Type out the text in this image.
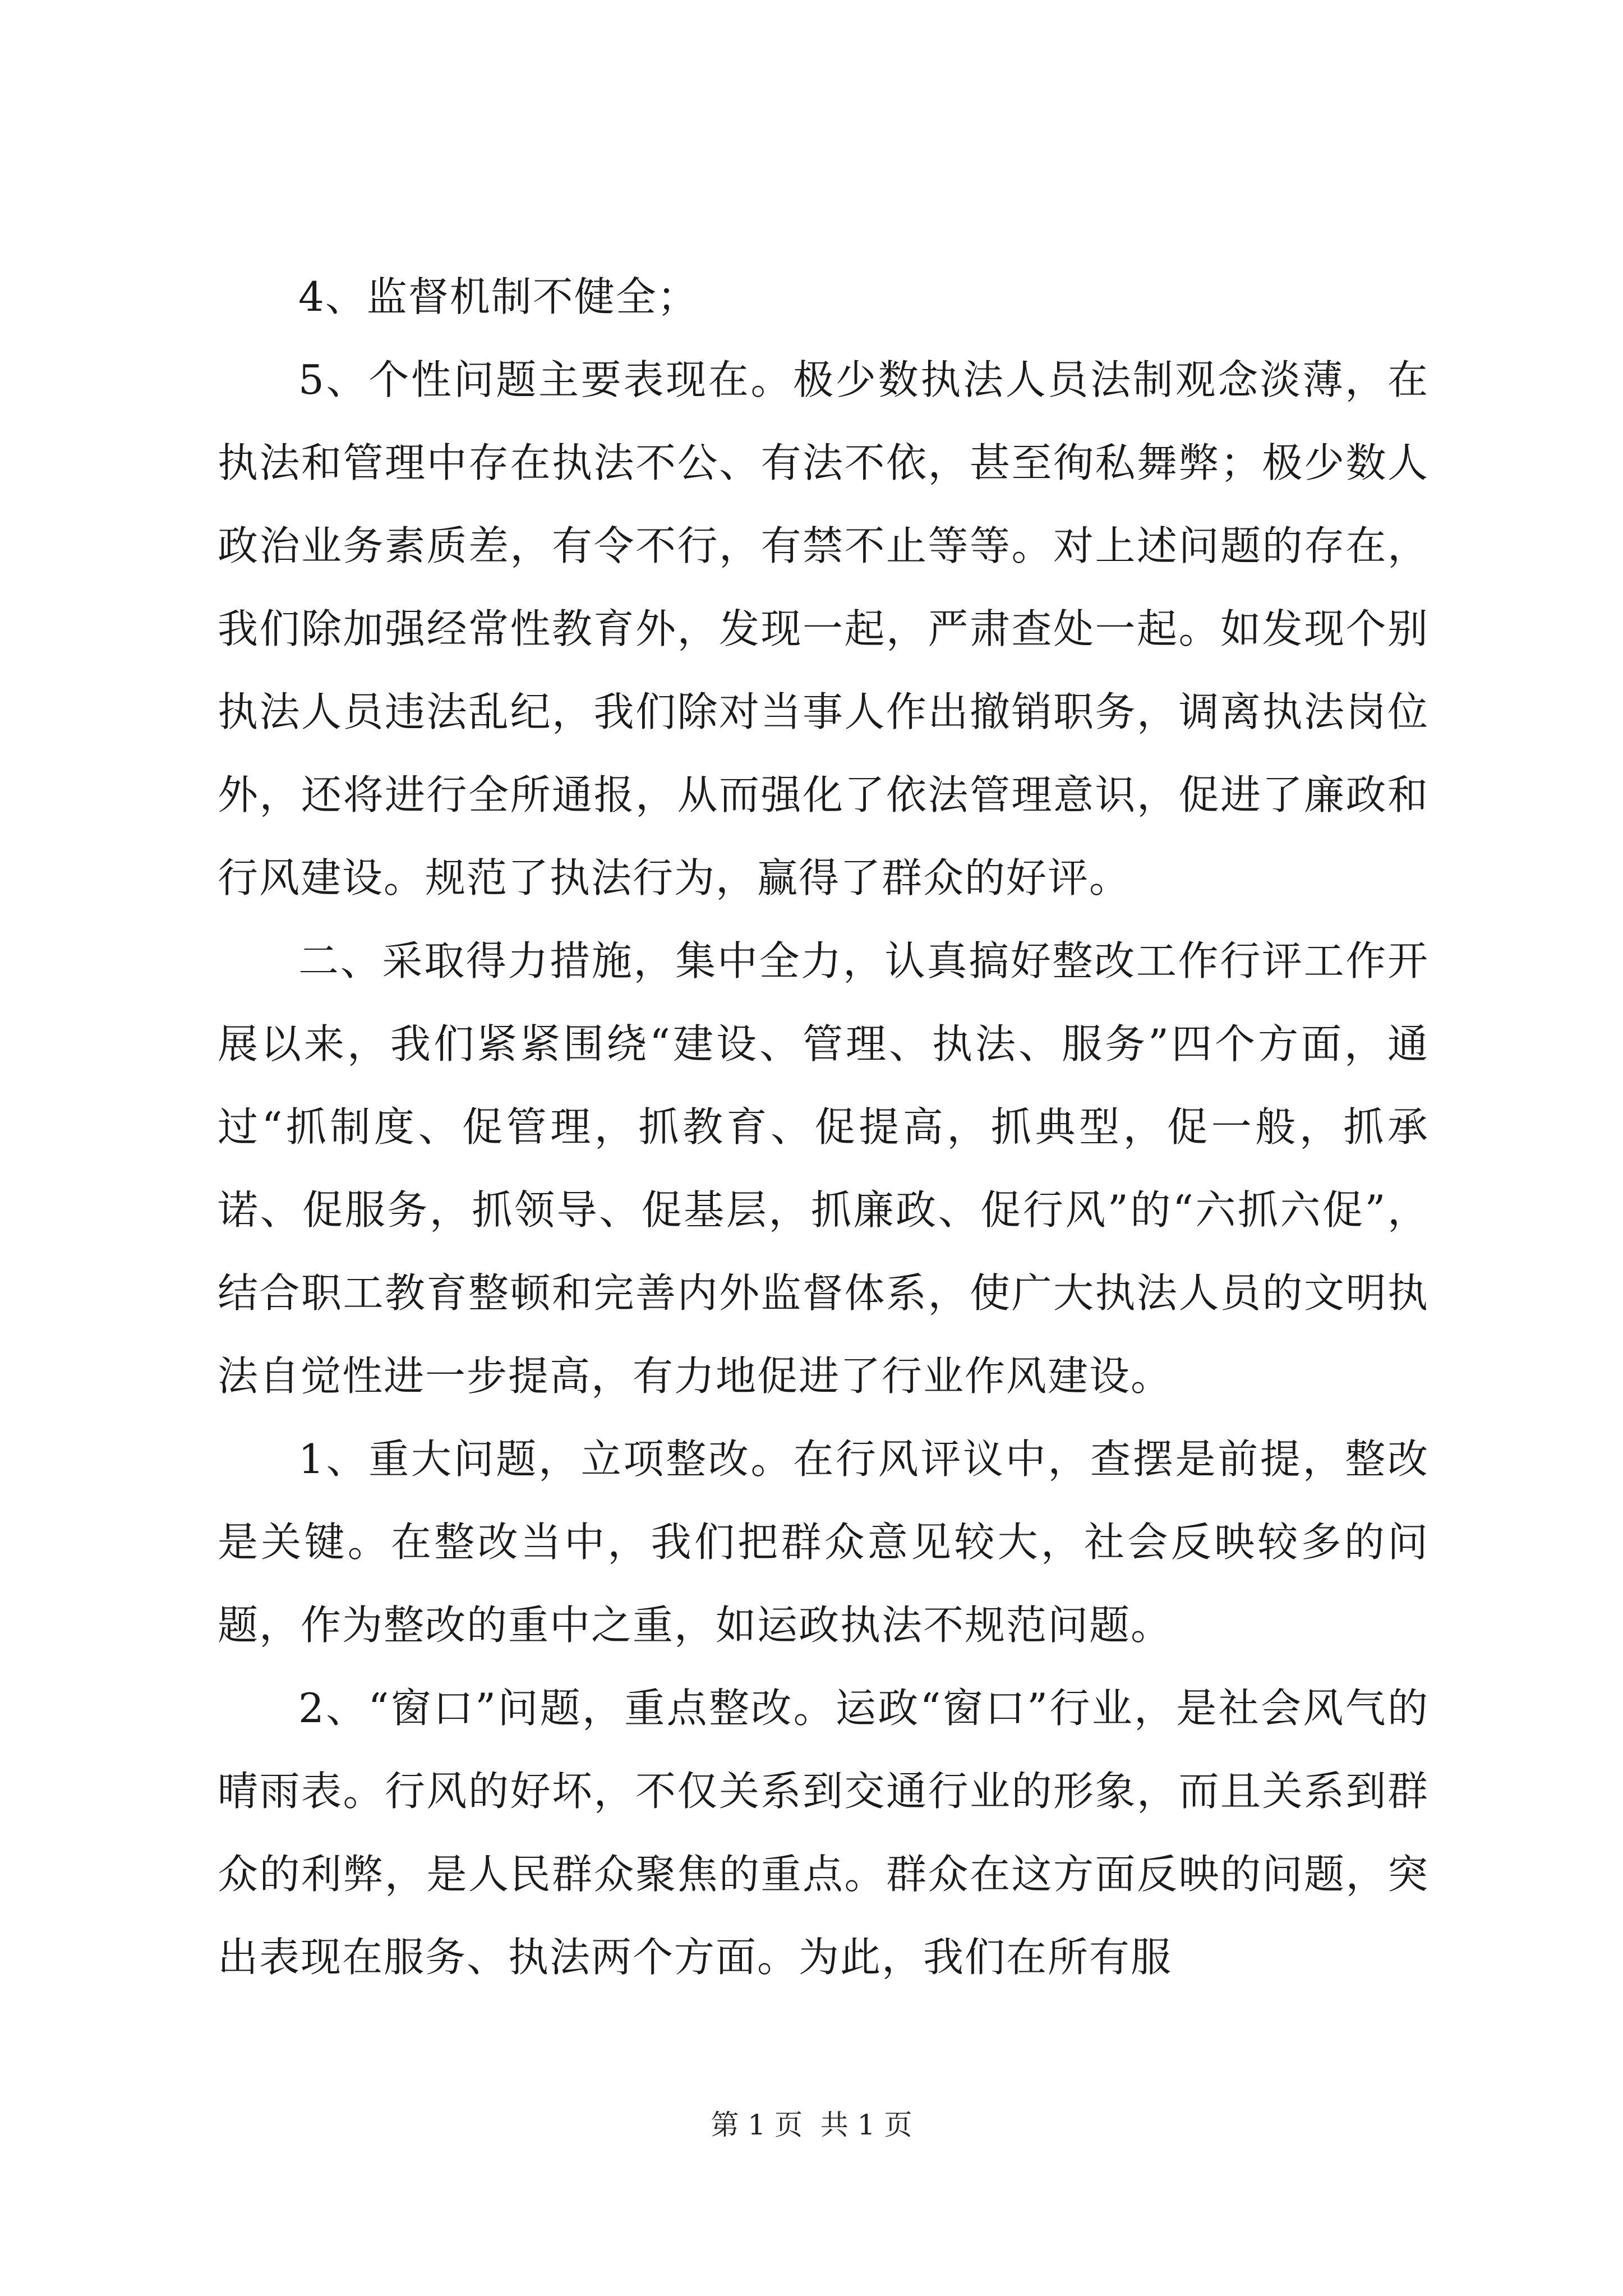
4、监督机制不健全；

5、个性问题主要表现在。极少数执法人员法制观念淡薄，在执法和管理中存在执法不公、有法不依，甚至徇私舞弊；极少数人政治业务素质差，有令不行，有禁不止等等。对上述问题的存在，我们除加强经常性教育外，发现一起，严肃查处一起。如发现个别执法人员违法乱纪，我们除对当事人作出撤销职务，调离执法岗位外，还将进行全所通报，从而强化了依法管理意识，促进了廉政和行风建设。规范了执法行为，赢得了群众的好评。

二、采取得力措施，集中全力，认真搞好整改工作行评工作开展以来，我们紧紧围绕“建设、管理、执法、服务”四个方面，通过“抓制度、促管理，抓教育、促提高，抓典型，促一般，抓承诺、促服务，抓领导、促基层，抓廉政、促行风”的“六抓六促”，结合职工教育整顿和完善内外监督体系，使广大执法人员的文明执法自觉性进一步提高，有力地促进了行业作风建设。

1、重大问题，立项整改。在行风评议中，查摆是前提，整改是关键。在整改当中，我们把群众意见较大，社会反映较多的问题，作为整改的重中之重，如运政执法不规范问题。

2、“窗口”问题，重点整改。运政“窗口”行业，是社会风气的晴雨表。行风的好坏，不仅关系到交通行业的形象，而且关系到群众的利弊，是人民群众聚焦的重点。群众在这方面反映的问题，突出表现在服务、执法两个方面。为此，我们在所有服

第 1 页  共 1 页
